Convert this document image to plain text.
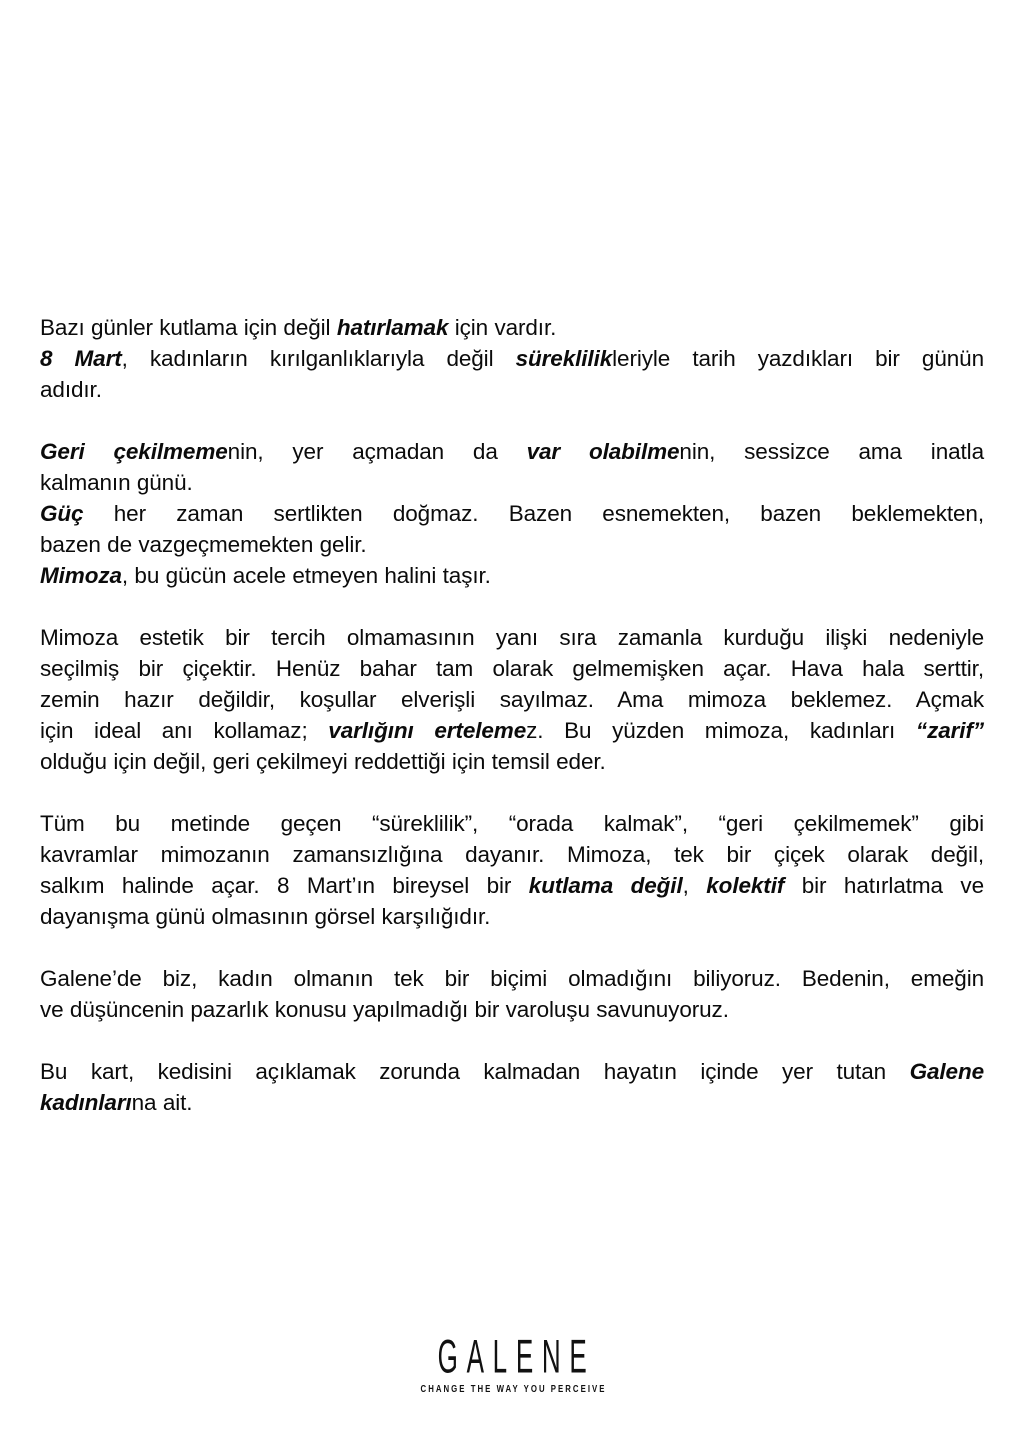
Bazı günler kutlama için değil hatırlamak için vardır.
8 Mart, kadınların kırılganlıklarıyla değil süreklilikleriyle tarih yazdıkları bir günün
adıdır.

Geri çekilmemenin, yer açmadan da var olabilmenin, sessizce ama inatla
kalmanın günü.
Güç her zaman sertlikten doğmaz. Bazen esnemekten, bazen beklemekten,
bazen de vazgeçmemekten gelir.
Mimoza, bu gücün acele etmeyen halini taşır.

Mimoza estetik bir tercih olmamasının yanı sıra zamanla kurduğu ilişki nedeniyle
seçilmiş bir çiçektir. Henüz bahar tam olarak gelmemişken açar. Hava hala serttir,
zemin hazır değildir, koşullar elverişli sayılmaz. Ama mimoza beklemez. Açmak
için ideal anı kollamaz; varlığını ertelemez. Bu yüzden mimoza, kadınları “zarif”
olduğu için değil, geri çekilmeyi reddettiği için temsil eder.

Tüm bu metinde geçen “süreklilik”, “orada kalmak”, “geri çekilmemek” gibi
kavramlar mimozanın zamansızlığına dayanır. Mimoza, tek bir çiçek olarak değil,
salkım halinde açar. 8 Mart’ın bireysel bir kutlama değil, kolektif bir hatırlatma ve
dayanışma günü olmasının görsel karşılığıdır.

Galene’de biz, kadın olmanın tek bir biçimi olmadığını biliyoruz. Bedenin, emeğin
ve düşüncenin pazarlık konusu yapılmadığı bir varoluşu savunuyoruz.

Bu kart, kedisini açıklamak zorunda kalmadan hayatın içinde yer tutan Galene
kadınlarına ait.

GALENE
CHANGE THE WAY YOU PERCEIVE
